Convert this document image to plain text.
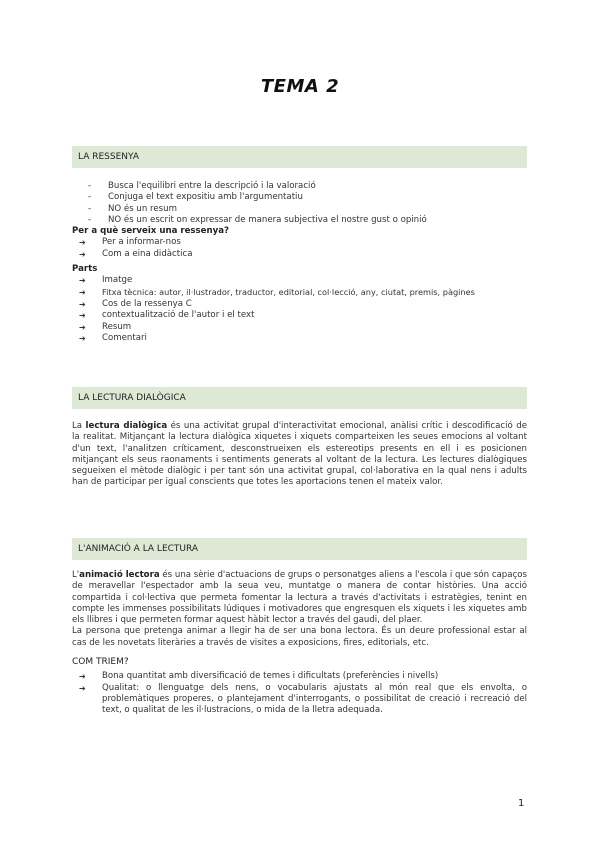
TEMA 2
LA RESSENYA
- Busca l'equilibri entre la descripció i la valoració
- Conjuga el text expositiu amb l'argumentatiu
- NO és un resum
- NO és un escrit on expressar de manera subjectiva el nostre gust o opinió
Per a què serveix una ressenya?
➔ Per a informar-nos
➔ Com a eina didàctica
Parts
➔ Imatge
➔ Fitxa tècnica: autor, il·lustrador, traductor, editorial, col·lecció, any, ciutat, premis, pàgines
➔ Cos de la ressenya C
➔ contextualització de l'autor i el text
➔ Resum
➔ Comentari
LA LECTURA DIALÒGICA
La lectura dialògica és una activitat grupal d'interactivitat emocional, anàlisi crític i descodificació de la realitat. Mitjançant la lectura dialògica xiquetes i xiquets comparteixen les seues emocions al voltant d'un text, l'analitzen críticament, desconstrueixen els estereotips presents en ell i es posicionen mitjançant els seus raonaments i sentiments generats al voltant de la lectura. Les lectures dialògiques segueixen el mètode dialògic i per tant són una activitat grupal, col·laborativa en la qual nens i adults han de participar per igual conscients que totes les aportacions tenen el mateix valor.
L'ANIMACIÓ A LA LECTURA

L'animació lectora és una sèrie d'actuacions de grups o personatges aliens a l'escola i que són capaços de meravellar l'espectador amb la seua veu, muntatge o manera de contar històries. Una acció compartida i col·lectiva que permeta fomentar la lectura a través d'activitats i estratègies, tenint en compte les immenses possibilitats lúdiques i motivadores que engresquen els xiquets i les xiquetes amb els llibres i que permeten formar aquest hàbit lector a través del gaudi, del plaer.

La persona que pretenga animar a llegir ha de ser una bona lectora. És un deure professional estar al cas de les novetats literàries a través de visites a exposicions, fires, editorials, etc.

COM TRIEM?
➔ Bona quantitat amb diversificació de temes i dificultats (preferències i nivells)
➔ Qualitat: o llenguatge dels nens, o vocabularis ajustats al món real que els envolta, o problemàtiques properes, o plantejament d'interrogants, o possibilitat de creació i recreació del text, o qualitat de les il·lustracions, o mida de la lletra adequada.
1
